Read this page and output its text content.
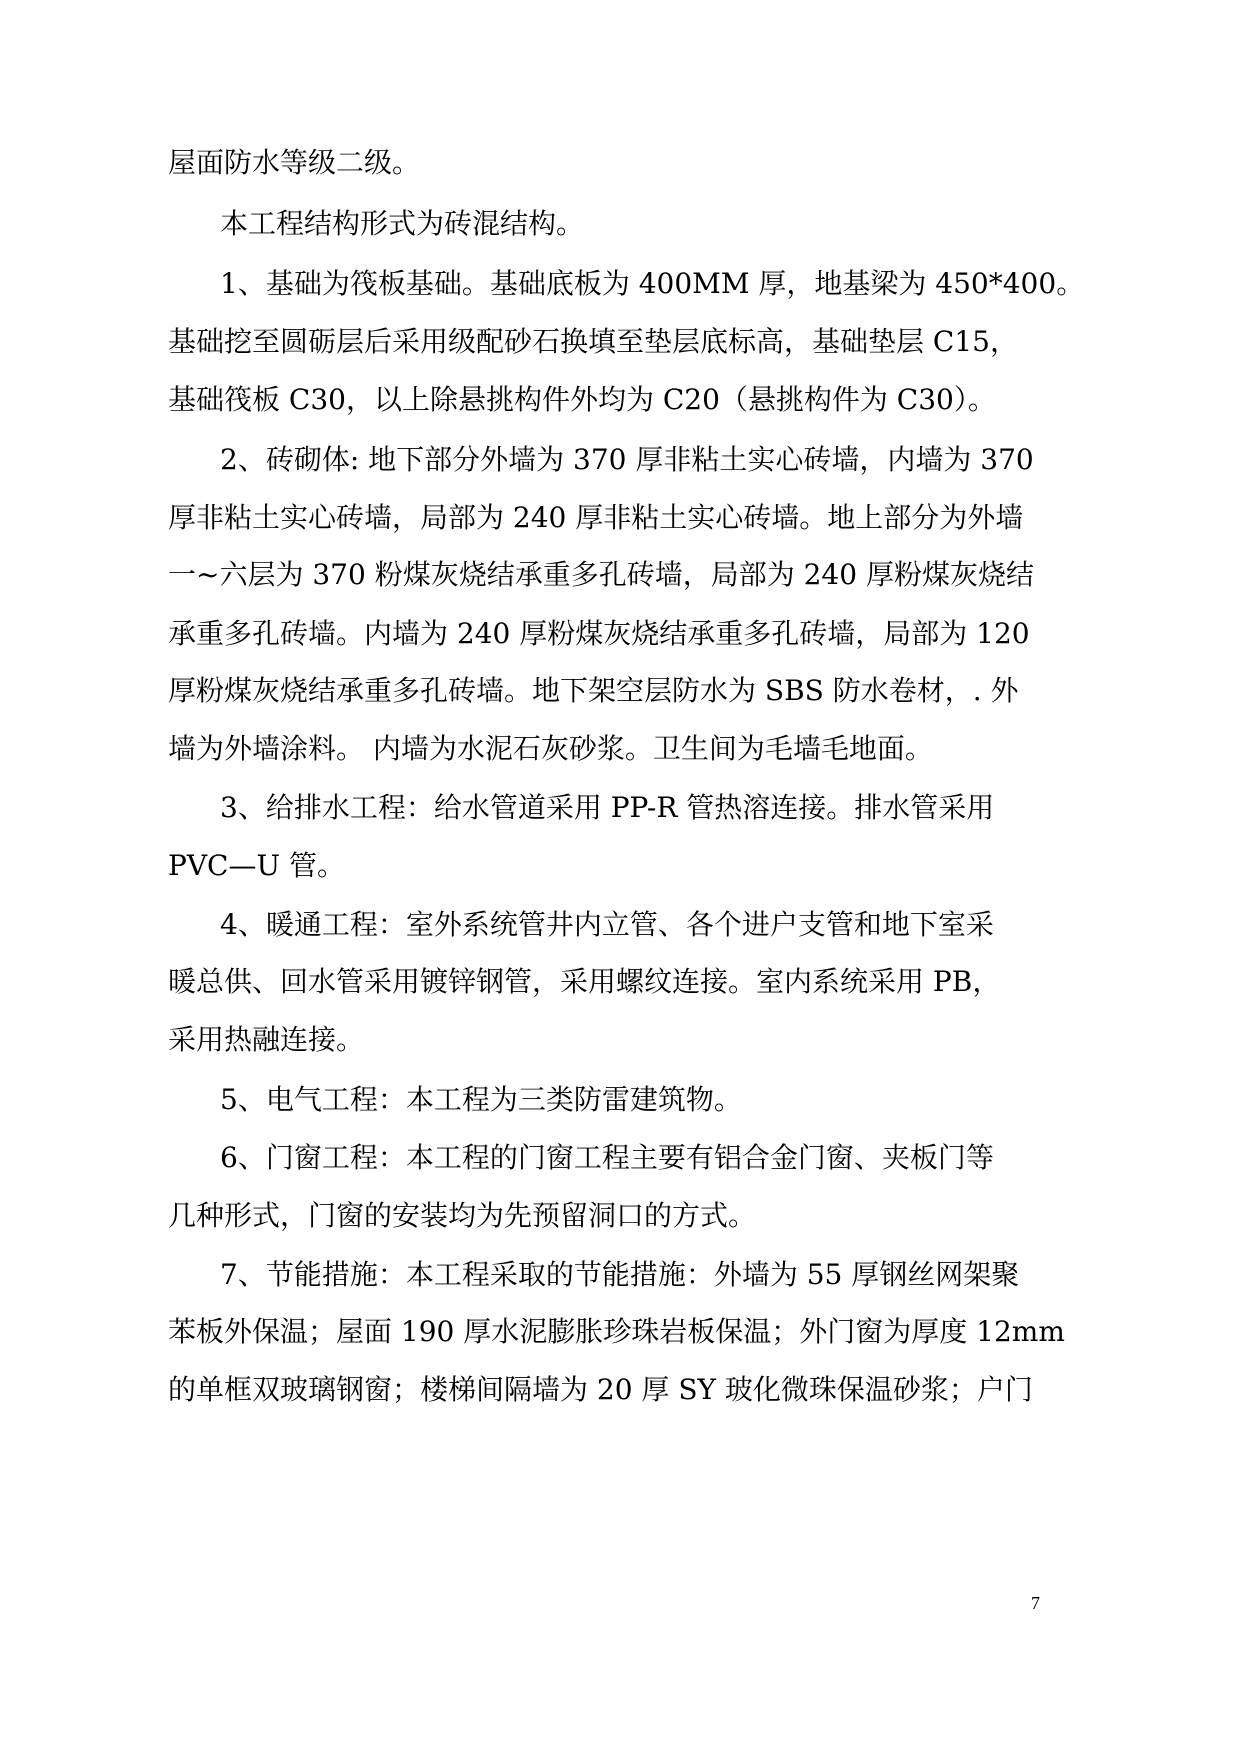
屋面防水等级二级。
本工程结构形式为砖混结构。
1、基础为筏板基础。基础底板为 400MM 厚，地基梁为 450*400。
基础挖至圆砺层后采用级配砂石换填至垫层底标高，基础垫层 C15，
基础筏板 C30，以上除悬挑构件外均为 C20（悬挑构件为 C30）。
2、砖砌体: 地下部分外墙为 370 厚非粘土实心砖墙，内墙为 370
厚非粘土实心砖墙，局部为 240 厚非粘土实心砖墙。地上部分为外墙
一~六层为 370 粉煤灰烧结承重多孔砖墙，局部为 240 厚粉煤灰烧结
承重多孔砖墙。内墙为 240 厚粉煤灰烧结承重多孔砖墙，局部为 120
厚粉煤灰烧结承重多孔砖墙。地下架空层防水为 SBS 防水卷材，. 外
墙为外墙涂料。 内墙为水泥石灰砂浆。卫生间为毛墙毛地面。
3、给排水工程：给水管道采用 PP-R 管热溶连接。排水管采用
PVC—U 管。
4、暖通工程：室外系统管井内立管、各个进户支管和地下室采
暖总供、回水管采用镀锌钢管，采用螺纹连接。室内系统采用 PB，
采用热融连接。
5、电气工程：本工程为三类防雷建筑物。
6、门窗工程：本工程的门窗工程主要有铝合金门窗、夹板门等
几种形式，门窗的安装均为先预留洞口的方式。
7、节能措施：本工程采取的节能措施：外墙为 55 厚钢丝网架聚
苯板外保温；屋面 190 厚水泥膨胀珍珠岩板保温；外门窗为厚度 12mm
的单框双玻璃钢窗；楼梯间隔墙为 20 厚 SY 玻化微珠保温砂浆；户门
7
